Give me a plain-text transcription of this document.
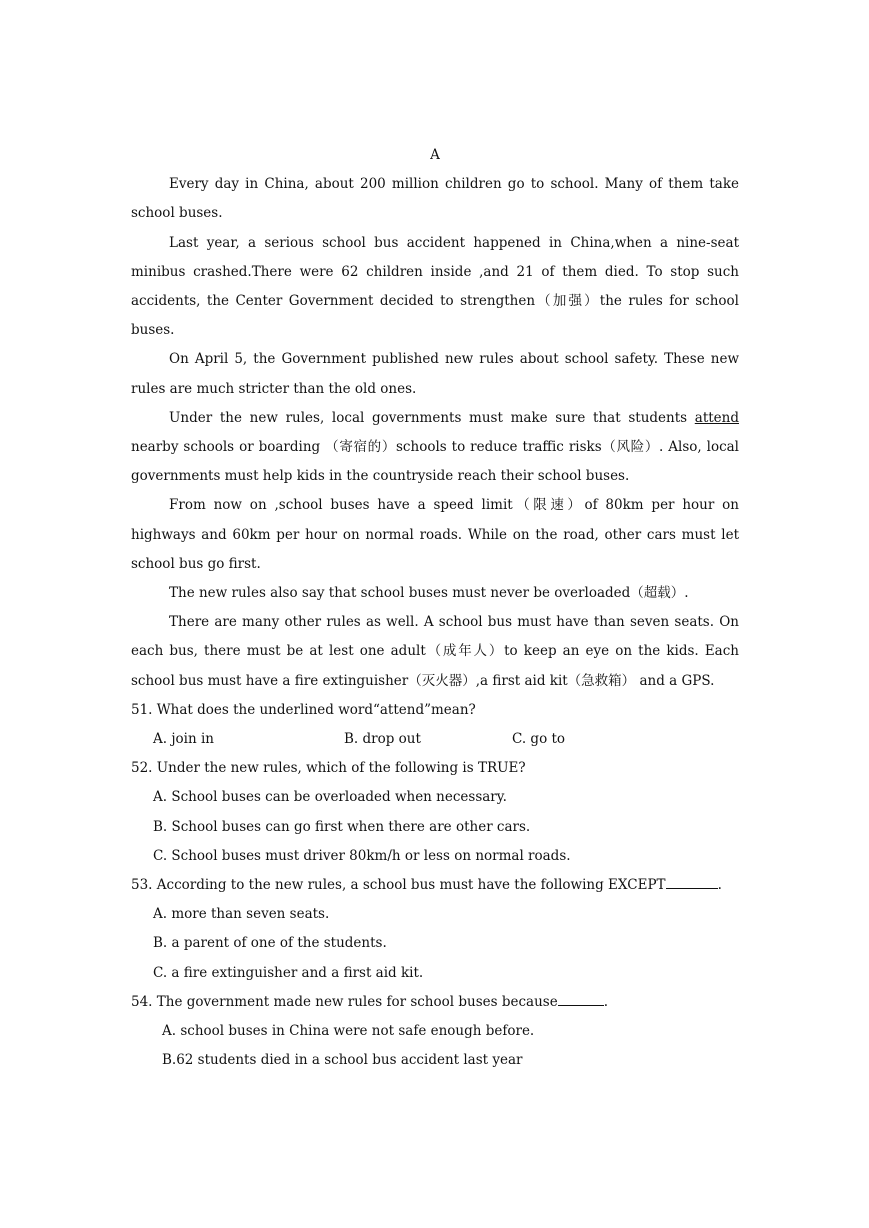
A

Every day in China, about 200 million children go to school. Many of them take school buses.

Last year, a serious school bus accident happened in China,when a nine-seat minibus crashed.There were 62 children inside ,and 21 of them died. To stop such accidents, the Center Government decided to strengthen（加强）the rules for school buses.

On April 5, the Government published new rules about school safety. These new rules are much stricter than the old ones.

Under the new rules, local governments must make sure that students attend nearby schools or boarding （寄宿的）schools to reduce traffic risks（风险）. Also, local governments must help kids in the countryside reach their school buses.

From now on ,school buses have a speed limit（限速）of 80km per hour on highways and 60km per hour on normal roads. While on the road, other cars must let school bus go first.

The new rules also say that school buses must never be overloaded（超载）.

There are many other rules as well. A school bus must have than seven seats. On each bus, there must be at lest one adult（成年人）to keep an eye on the kids. Each school bus must have a fire extinguisher（灭火器）,a first aid kit（急救箱） and a GPS.

51. What does the underlined word“attend”mean?

A. join in	B. drop out	C. go to

52. Under the new rules, which of the following is TRUE?

A. School buses can be overloaded when necessary.

B. School buses can go first when there are other cars.

C. School buses must driver 80km/h or less on normal roads.

53. According to the new rules, a school bus must have the following EXCEPT	.

A. more than seven seats.

B. a parent of one of the students.

C. a fire extinguisher and a first aid kit.

54. The government made new rules for school buses because	.

A. school buses in China were not safe enough before.

B.62 students died in a school bus accident last year
